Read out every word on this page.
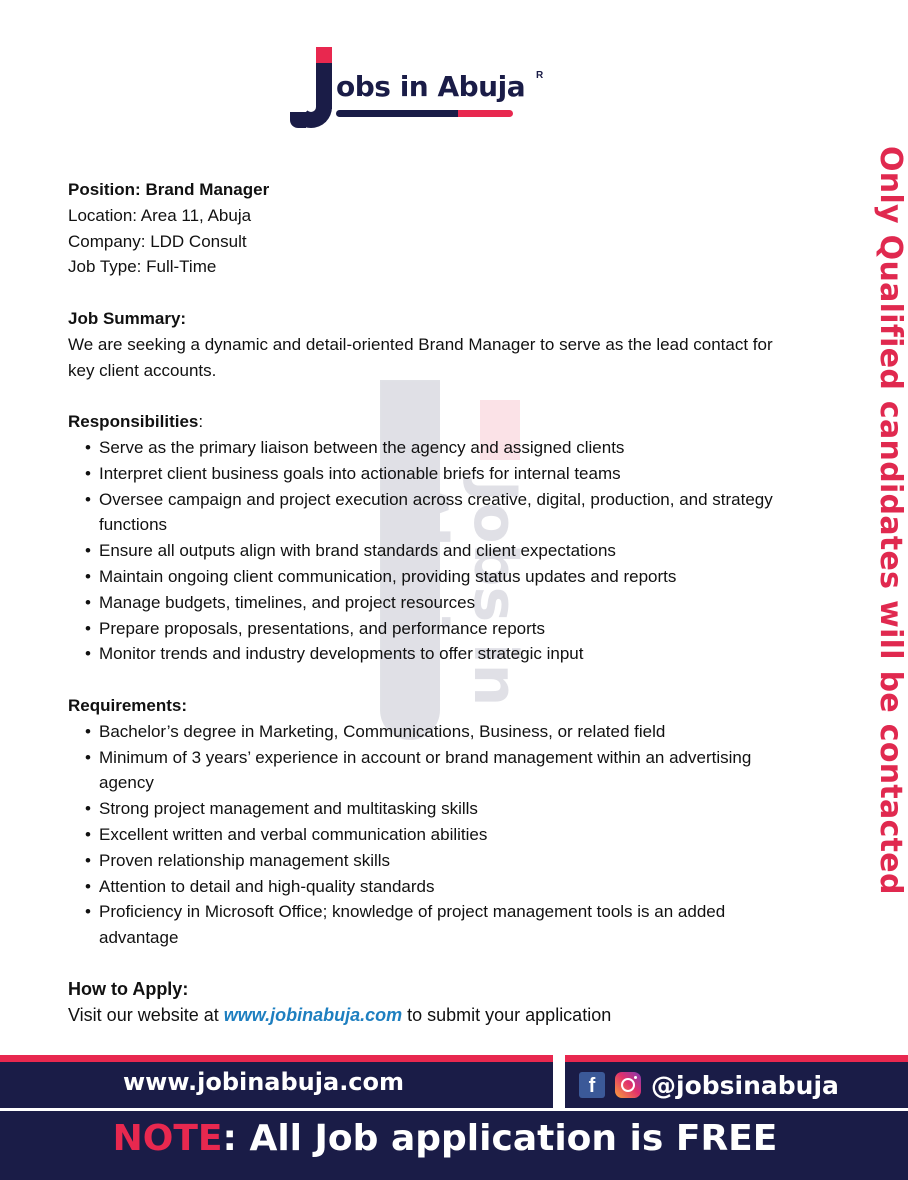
obs in Abuja R
Jobs in Abuja

Position: Brand Manager

Location: Area 11, Abuja

Company: LDD Consult

Job Type: Full-Time

Job Summary:

We are seeking a dynamic and detail-oriented Brand Manager to serve as the lead contact for key client accounts.

Responsibilities:

• Serve as the primary liaison between the agency and assigned clients
• Interpret client business goals into actionable briefs for internal teams
• Oversee campaign and project execution across creative, digital, production, and strategy functions
• Ensure all outputs align with brand standards and client expectations
• Maintain ongoing client communication, providing status updates and reports
• Manage budgets, timelines, and project resources
• Prepare proposals, presentations, and performance reports
• Monitor trends and industry developments to offer strategic input

Requirements:

• Bachelor’s degree in Marketing, Communications, Business, or related field
• Minimum of 3 years’ experience in account or brand management within an advertising agency
• Strong project management and multitasking skills
• Excellent written and verbal communication abilities
• Proven relationship management skills
• Attention to detail and high-quality standards
• Proficiency in Microsoft Office; knowledge of project management tools is an added advantage

How to Apply:

Visit our website at www.jobinabuja.com to submit your application

Only Qualified candidates will be contacted
www.jobinabuja.com	f	@jobsinabuja
NOTE: All Job application is FREE
